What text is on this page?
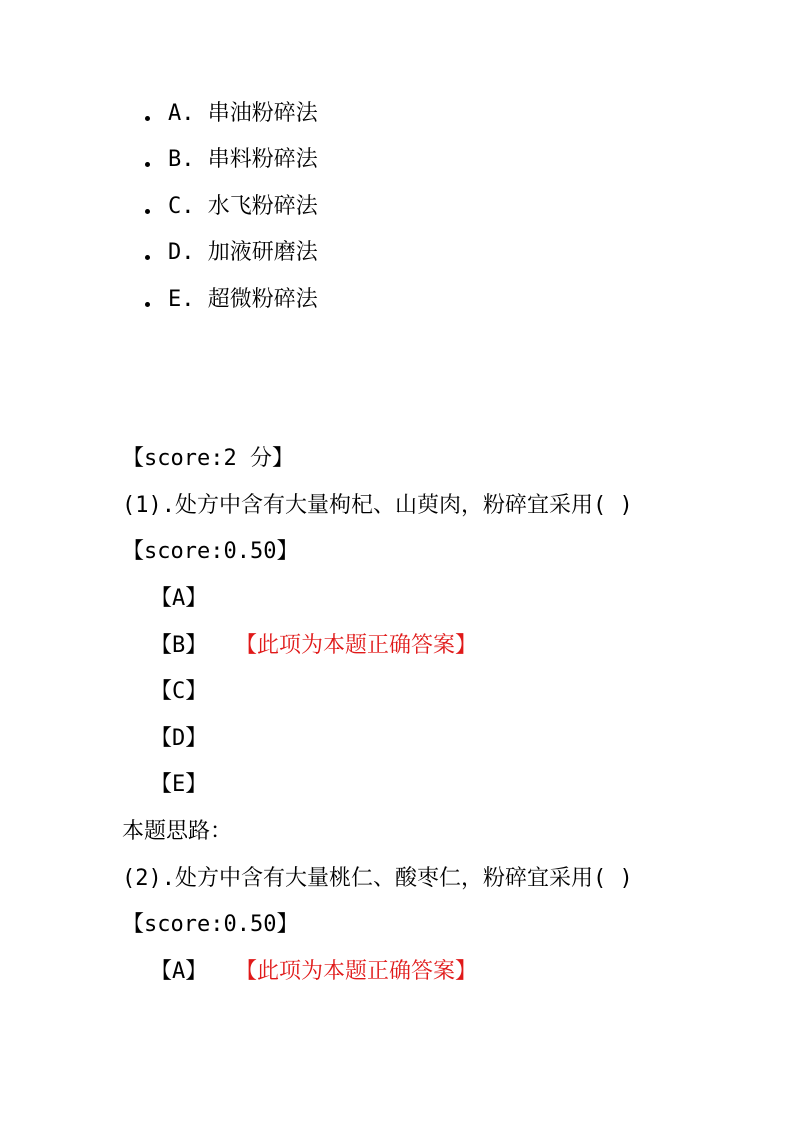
A. 串油粉碎法
B. 串料粉碎法
C. 水飞粉碎法
D. 加液研磨法
E. 超微粉碎法
【score:2 分】
(1).处方中含有大量枸杞、山萸肉，粉碎宜采用( )
【score:0.50】
【A】
【B】 【此项为本题正确答案】
【C】
【D】
【E】
本题思路：
(2).处方中含有大量桃仁、酸枣仁，粉碎宜采用( )
【score:0.50】
【A】 【此项为本题正确答案】
